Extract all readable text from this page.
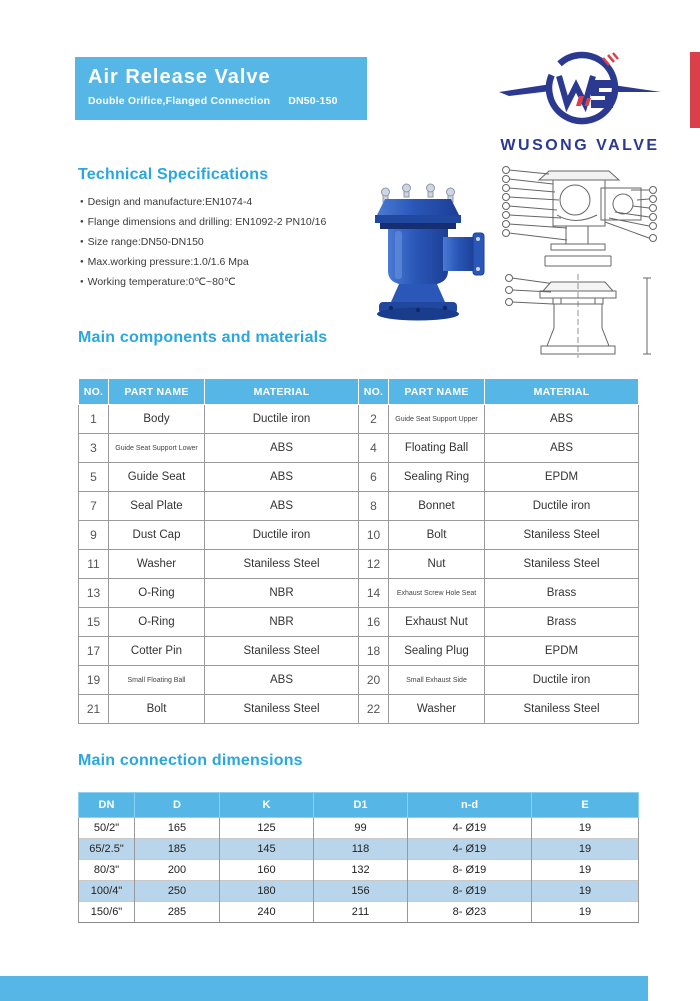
Air Release Valve
Double Orifice,Flanged Connection DN50-150
WUSONG VALVE
Technical Specifications
● Design and manufacture:EN1074-4
● Flange dimensions and drilling: EN1092-2 PN10/16
● Size range:DN50-DN150
● Max.working pressure:1.0/1.6 Mpa
● Working temperature:0℃~80℃
Main components and materials
NO.	PART NAME	MATERIAL	NO.	PART NAME	MATERIAL
1	Body	Ductile iron	2	Guide Seat Support Upper	ABS
3	Guide Seat Support Lower	ABS	4	Floating Ball	ABS
5	Guide Seat	ABS	6	Sealing Ring	EPDM
7	Seal Plate	ABS	8	Bonnet	Ductile iron
9	Dust Cap	Ductile iron	10	Bolt	Staniless Steel
11	Washer	Staniless Steel	12	Nut	Staniless Steel
13	O-Ring	NBR	14	Exhaust Screw Hole Seat	Brass
15	O-Ring	NBR	16	Exhaust Nut	Brass
17	Cotter Pin	Staniless Steel	18	Sealing Plug	EPDM
19	Small Floating Ball	ABS	20	Small Exhaust Side	Ductile iron
21	Bolt	Staniless Steel	22	Washer	Staniless Steel
Main connection dimensions
DN	D	K	D1	n-d	E
50/2"	165	125	99	4- Ø19	19
65/2.5"	185	145	118	4- Ø19	19
80/3"	200	160	132	8- Ø19	19
100/4"	250	180	156	8- Ø19	19
150/6"	285	240	211	8- Ø23	19
